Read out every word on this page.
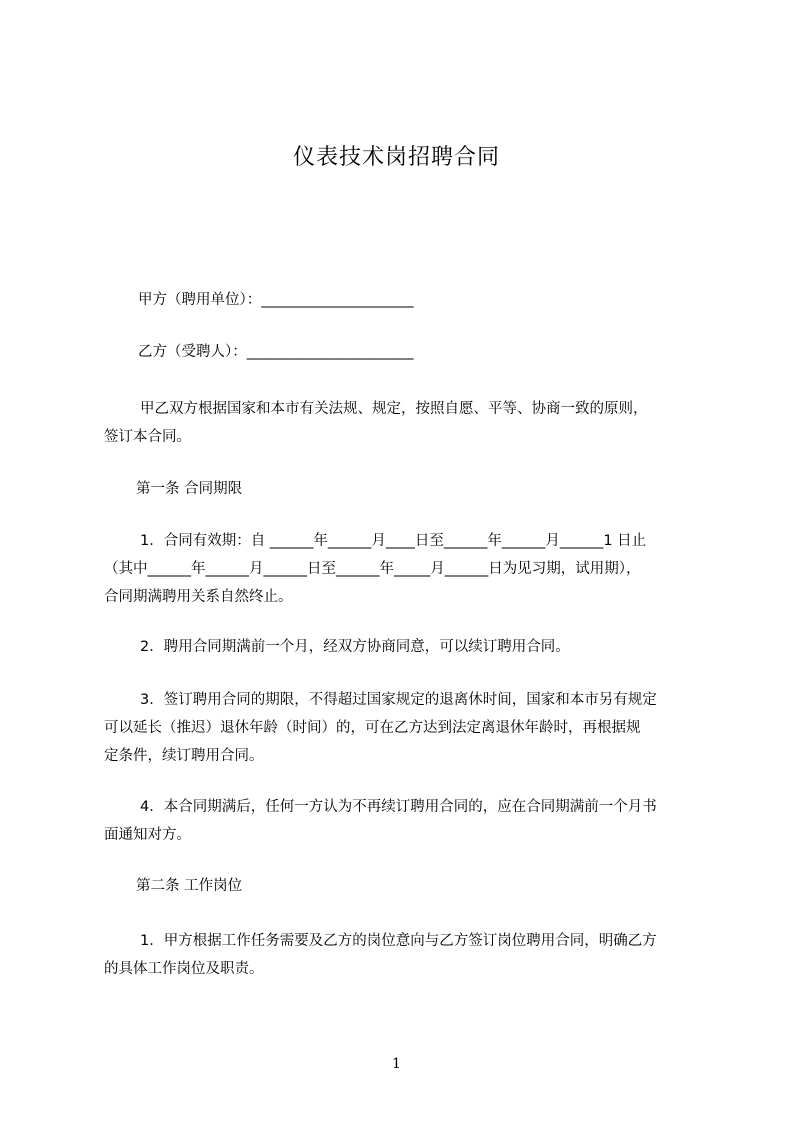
仪表技术岗招聘合同
甲方（聘用单位）：_____________________
乙方（受聘人）：_______________________
甲乙双方根据国家和本市有关法规、规定，按照自愿、平等、协商一致的原则，
签订本合同。
第一条 合同期限
1．合同有效期：自 ______年______月____日至______年______月______1 日止
（其中______年______月______日至______年_____月______日为见习期，试用期），
合同期满聘用关系自然终止。
2．聘用合同期满前一个月，经双方协商同意，可以续订聘用合同。
3．签订聘用合同的期限，不得超过国家规定的退离休时间，国家和本市另有规定
可以延长（推迟）退休年龄（时间）的，可在乙方达到法定离退休年龄时，再根据规
定条件，续订聘用合同。
4．本合同期满后，任何一方认为不再续订聘用合同的，应在合同期满前一个月书
面通知对方。
第二条 工作岗位
1．甲方根据工作任务需要及乙方的岗位意向与乙方签订岗位聘用合同，明确乙方
的具体工作岗位及职责。
1
